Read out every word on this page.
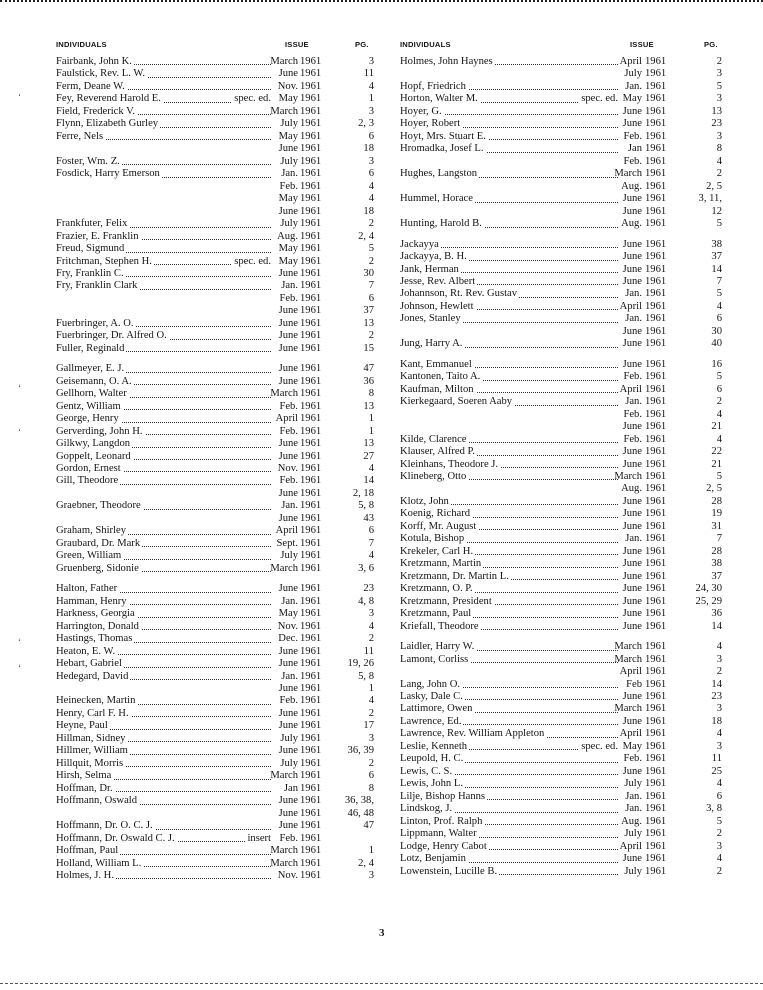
‘
‘
‘
‘
‘
INDIVIDUALS	ISSUE	PG.
Fairbank, John K.	March 1961	3
Faulstick, Rev. L. W.	June 1961	11
Ferm, Deane W.	Nov. 1961	4
Fey, Reverend Harold E.	spec. ed. May 1961	1
Field, Frederick V.	March 1961	3
Flynn, Elizabeth Gurley	July 1961	2, 3
Ferre, Nels	May 1961	6
June 1961	18
Foster, Wm. Z.	July 1961	3
Fosdick, Harry Emerson	Jan. 1961	6
Feb. 1961	4
May 1961	4
June 1961	18
Frankfuter, Felix	July 1961	2
Frazier, E. Franklin	Aug. 1961	2, 4
Freud, Sigmund	May 1961	5
Fritchman, Stephen H.	spec. ed. May 1961	2
Fry, Franklin C.	June 1961	30
Fry, Franklin Clark	Jan. 1961	7
Feb. 1961	6
June 1961	37
Fuerbringer, A. O.	June 1961	13
Fuerbringer, Dr. Alfred O.	June 1961	2
Fuller, Reginald	June 1961	15
Gallmeyer, E. J.	June 1961	47
Geisemann, O. A.	June 1961	36
Gellhorn, Walter	March 1961	8
Gentz, William	Feb. 1961	13
George, Henry	April 1961	1
Gerverding, John H.	Feb. 1961	1
Gilkwy, Langdon	June 1961	13
Goppelt, Leonard	June 1961	27
Gordon, Ernest	Nov. 1961	4
Gill, Theodore	Feb. 1961	14
June 1961	2, 18
Graebner, Theodore	Jan. 1961	5, 8
June 1961	43
Graham, Shirley	April 1961	6
Graubard, Dr. Mark	Sept. 1961	7
Green, William	July 1961	4
Gruenberg, Sidonie	March 1961	3, 6
Halton, Father	June 1961	23
Hamman, Henry	Jan. 1961	4, 8
Harkness, Georgia	May 1961	3
Harrington, Donald	Nov. 1961	4
Hastings, Thomas	Dec. 1961	2
Heaton, E. W.	June 1961	11
Hebart, Gabriel	June 1961	19, 26
Hedegard, David	Jan. 1961	5, 8
June 1961	1
Heinecken, Martin	Feb. 1961	4
Henry, Carl F. H.	June 1961	2
Heyne, Paul	June 1961	17
Hillman, Sidney	July 1961	3
Hillmer, William	June 1961	36, 39
Hillquit, Morris	July 1961	2
Hirsh, Selma	March 1961	6
Hoffman, Dr.	Jan 1961	8
Hoffmann, Oswald	June 1961	36, 38,
June 1961	46, 48
Hoffmann, Dr. O. C. J.	June 1961	47
Hoffmann, Dr. Oswald C. J.	insert Feb. 1961
Hoffman, Paul	March 1961	1
Holland, William L.	March 1961	2, 4
Holmes, J. H.	Nov. 1961	3
INDIVIDUALS	ISSUE	PG.
Holmes, John Haynes	April 1961	2
July 1961	3
Hopf, Friedrich	Jan. 1961	5
Horton, Walter M.	spec. ed. May 1961	3
Hoyer, G.	June 1961	13
Hoyer, Robert	June 1961	23
Hoyt, Mrs. Stuart E.	Feb. 1961	3
Hromadka, Josef L.	Jan 1961	8
Feb. 1961	4
Hughes, Langston	March 1961	2
Aug. 1961	2, 5
Hummel, Horace	June 1961	3, 11,
June 1961	12
Hunting, Harold B.	Aug. 1961	5
Jackayya	June 1961	38
Jackayya, B. H.	June 1961	37
Jank, Herman	June 1961	14
Jesse, Rev. Albert	June 1961	7
Johannson, Rt. Rev. Gustav	Jan. 1961	5
Johnson, Hewlett	April 1961	4
Jones, Stanley	Jan. 1961	6
June 1961	30
Jung, Harry A.	June 1961	40
Kant, Emmanuel	June 1961	16
Kantonen, Taito A.	Feb. 1961	5
Kaufman, Milton	April 1961	6
Kierkegaard, Soeren Aaby	Jan. 1961	2
Feb. 1961	4
June 1961	21
Kilde, Clarence	Feb. 1961	4
Klauser, Alfred P.	June 1961	22
Kleinhans, Theodore J.	June 1961	21
Klineberg, Otto	March 1961	5
Aug. 1961	2, 5
Klotz, John	June 1961	28
Koenig, Richard	June 1961	19
Korff, Mr. August	June 1961	31
Kotula, Bishop	Jan. 1961	7
Krekeler, Carl H.	June 1961	28
Kretzmann, Martin	June 1961	38
Kretzmann, Dr. Martin L.	June 1961	37
Kretzmann, O. P.	June 1961	24, 30
Kretzmann, President	June 1961	25, 29
Kretzmann, Paul	June 1961	36
Kriefall, Theodore	June 1961	14
Laidler, Harry W.	March 1961	4
Lamont, Corliss	March 1961	3
April 1961	2
Lang, John O.	Feb 1961	14
Lasky, Dale C.	June 1961	23
Lattimore, Owen	March 1961	3
Lawrence, Ed.	June 1961	18
Lawrence, Rev. William Appleton	April 1961	4
Leslie, Kenneth	spec. ed. May 1961	3
Leupold, H. C.	Feb. 1961	11
Lewis, C. S.	June 1961	25
Lewis, John L.	July 1961	4
Lilje, Bishop Hanns	Jan. 1961	6
Lindskog, J.	Jan. 1961	3, 8
Linton, Prof. Ralph	Aug. 1961	5
Lippmann, Walter	July 1961	2
Lodge, Henry Cabot	April 1961	3
Lotz, Benjamin	June 1961	4
Lowenstein, Lucille B.	July 1961	2
3
